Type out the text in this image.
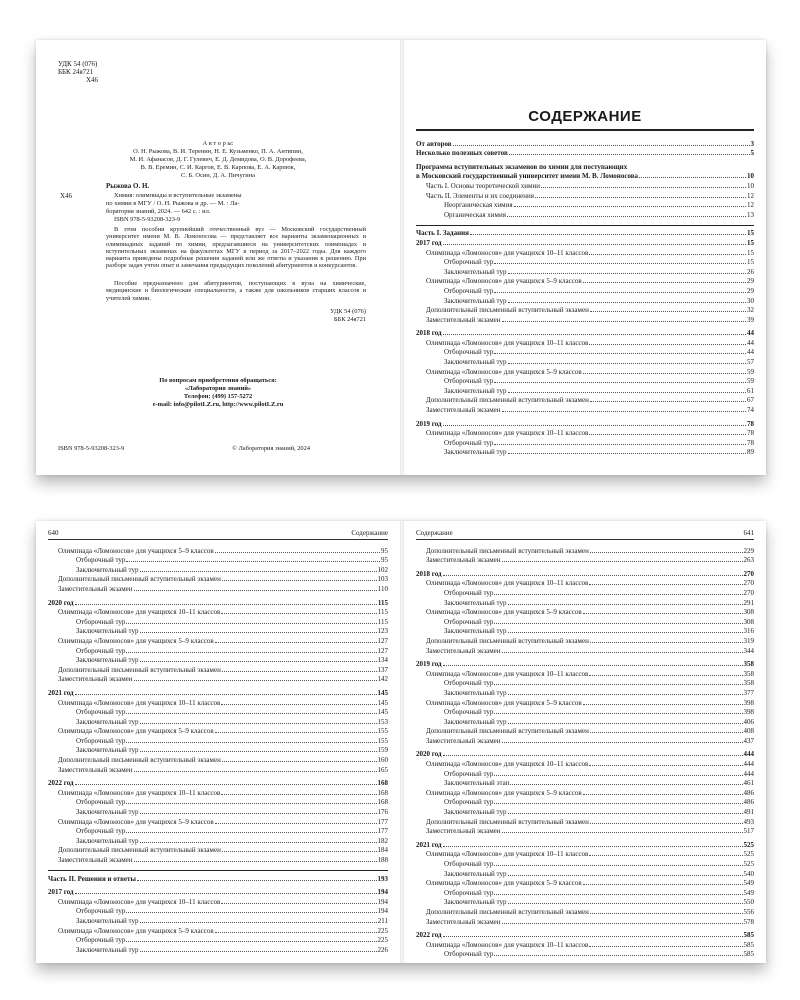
УДК 54 (076)
ББК 24я721
Х46
А в т о р ы:
О. Н. Рыжова, В. И. Теренин, Н. Е. Кузьменко, П. А. Антипин,
М. И. Афанасов, Д. Г. Гулевич, Е. Д. Демидова, О. В. Дорофеева,
В. В. Еремин, С. И. Каргов, Е. В. Карпова, Е. А. Карпюк,
С. Б. Осин, Д. А. Пичугина
Рыжова О. Н.
Х46	Химия: олимпиады и вступительные экзамены
по химии в МГУ / О. Н. Рыжова и др. — М. : Ла-
боратория знаний, 2024. — 642 с. : ил.
ISBN 978-5-93208-323-9
В этом пособии крупнейший отечественный вуз — Московский государственный университет имени М. В. Ломоносова — представляет все варианты экзаменационных и олимпиадных заданий по химии, предлагавшиеся на университетских олимпиадах и вступительных экзаменах на факультетах МГУ в период за 2017–2022 годы. Для каждого варианта приведены подробные решения заданий или же ответы и указания к решению. При разборе задач учтен опыт и замечания предыдущих поколений абитуриентов и конкурсантов.
Пособие предназначено для абитуриентов, поступающих в вузы на химические, медицинские и биологические специальности, а также для школьников старших классов и учителей химии.
УДК 54 (076)
ББК 24я721
По вопросам приобретения обращаться:
«Лаборатория знаний»
Телефон: (499) 157-5272
e-mail: info@pilotLZ.ru, http://www.pilotLZ.ru
ISBN 978-5-93208-323-9	© Лаборатория знаний, 2024
СОДЕРЖАНИЕ
От авторов	3
Несколько полезных советов	5
Программа вступительных экзаменов по химии для поступающих
в Московский государственный университет имени М. В. Ломоносова	10
Часть I. Основы теоретической химии	10
Часть II. Элементы и их соединения	12
Неорганическая химия	12
Органическая химия	13
Часть I. Задания	15
2017 год	15
Олимпиада «Ломоносов» для учащихся 10–11 классов	15
Отборочный тур	15
Заключительный тур	26
Олимпиада «Ломоносов» для учащихся 5–9 классов	29
Отборочный тур	29
Заключительный тур	30
Дополнительный письменный вступительный экзамен	32
Заместительный экзамен	39
2018 год	44
Олимпиада «Ломоносов» для учащихся 10–11 классов	44
Отборочный тур	44
Заключительный тур	57
Олимпиада «Ломоносов» для учащихся 5–9 классов	59
Отборочный тур	59
Заключительный тур	61
Дополнительный письменный вступительный экзамен	67
Заместительный экзамен	74
2019 год	78
Олимпиада «Ломоносов» для учащихся 10–11 классов	78
Отборочный тур	78
Заключительный тур	89
640	Содержание
Олимпиада «Ломоносов» для учащихся 5–9 классов	95
Отборочный тур	95
Заключительный тур	102
Дополнительный письменный вступительный экзамен	103
Заместительный экзамен	110
2020 год	115
Олимпиада «Ломоносов» для учащихся 10–11 классов	115
Отборочный тур	115
Заключительный тур	123
Олимпиада «Ломоносов» для учащихся 5–9 классов	127
Отборочный тур	127
Заключительный тур	134
Дополнительный письменный вступительный экзамен	137
Заместительный экзамен	142
2021 год	145
Олимпиада «Ломоносов» для учащихся 10–11 классов	145
Отборочный тур	145
Заключительный тур	153
Олимпиада «Ломоносов» для учащихся 5–9 классов	155
Отборочный тур	155
Заключительный тур	159
Дополнительный письменный вступительный экзамен	160
Заместительный экзамен	165
2022 год	168
Олимпиада «Ломоносов» для учащихся 10–11 классов	168
Отборочный тур	168
Заключительный тур	176
Олимпиада «Ломоносов» для учащихся 5–9 классов	177
Отборочный тур	177
Заключительный тур	182
Дополнительный письменный вступительный экзамен	184
Заместительный экзамен	188
Часть II. Решения и ответы	193
2017 год	194
Олимпиада «Ломоносов» для учащихся 10–11 классов	194
Отборочный тур	194
Заключительный тур	211
Олимпиада «Ломоносов» для учащихся 5–9 классов	225
Отборочный тур	225
Заключительный тур	226
Содержание	641
Дополнительный письменный вступительный экзамен	229
Заместительный экзамен	263
2018 год	270
Олимпиада «Ломоносов» для учащихся 10–11 классов	270
Отборочный тур	270
Заключительный тур	291
Олимпиада «Ломоносов» для учащихся 5–9 классов	308
Отборочный тур	308
Заключительный тур	316
Дополнительный письменный вступительный экзамен	319
Заместительный экзамен	344
2019 год	358
Олимпиада «Ломоносов» для учащихся 10–11 классов	358
Отборочный тур	358
Заключительный тур	377
Олимпиада «Ломоносов» для учащихся 5–9 классов	398
Отборочный тур	398
Заключительный тур	406
Дополнительный письменный вступительный экзамен	408
Заместительный экзамен	437
2020 год	444
Олимпиада «Ломоносов» для учащихся 10–11 классов	444
Отборочный тур	444
Заключительный этап	461
Олимпиада «Ломоносов» для учащихся 5–9 классов	486
Отборочный тур	486
Заключительный тур	491
Дополнительный письменный вступительный экзамен	493
Заместительный экзамен	517
2021 год	525
Олимпиада «Ломоносов» для учащихся 10–11 классов	525
Отборочный тур	525
Заключительный тур	540
Олимпиада «Ломоносов» для учащихся 5–9 классов	549
Отборочный тур	549
Заключительный тур	550
Дополнительный письменный вступительный экзамен	556
Заместительный экзамен	578
2022 год	585
Олимпиада «Ломоносов» для учащихся 10–11 классов	585
Отборочный тур	585
